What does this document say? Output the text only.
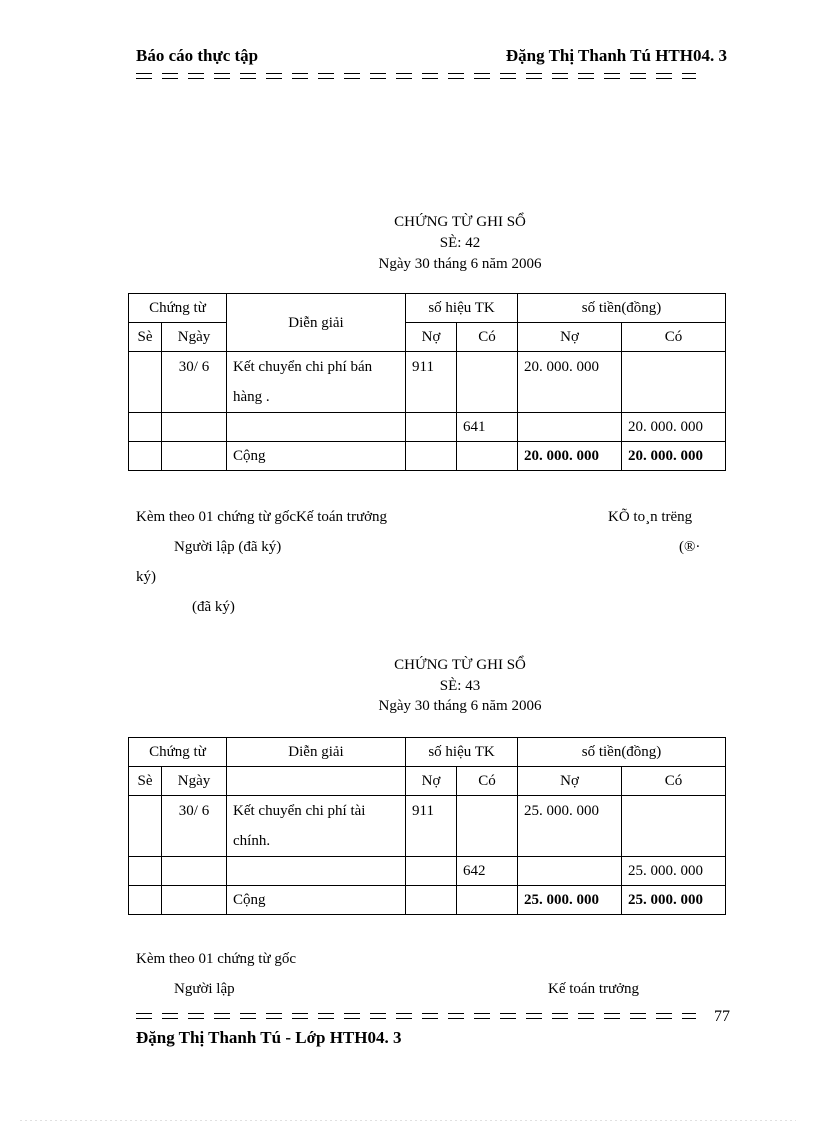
Báo cáo thực tập	Đặng Thị Thanh Tú HTH04. 3
CHỨNG TỪ GHI SỔ
SÈ: 42
Ngày 30 tháng 6 năm 2006
Chứng từ		Diễn giải	số hiệu TK		số tiền(đồng)	
Sè	Ngày		Nợ	Có	Nợ	Có
	30/ 6	Kết chuyển chi phí bán hàng .	911		20. 000. 000	
				641		20. 000. 000
		Cộng			20. 000. 000	20. 000. 000
Kèm theo 01 chứng từ gốcKế toán trưởng	KÕ to¸n trëng
Người lập (đã ký)	(®·
ký)
(đã ký)
CHỨNG TỪ GHI SỔ
SÈ: 43
Ngày 30 tháng 6 năm 2006
Chứng từ		Diễn giải	số hiệu TK		số tiền(đồng)	
Sè	Ngày		Nợ	Có	Nợ	Có
	30/ 6	Kết chuyển chi phí tài chính.	911		25. 000. 000	
				642		25. 000. 000
		Cộng			25. 000. 000	25. 000. 000
Kèm theo 01 chứng từ gốc
Người lập	Kế toán trưởng
77
Đặng Thị Thanh Tú - Lớp HTH04. 3
